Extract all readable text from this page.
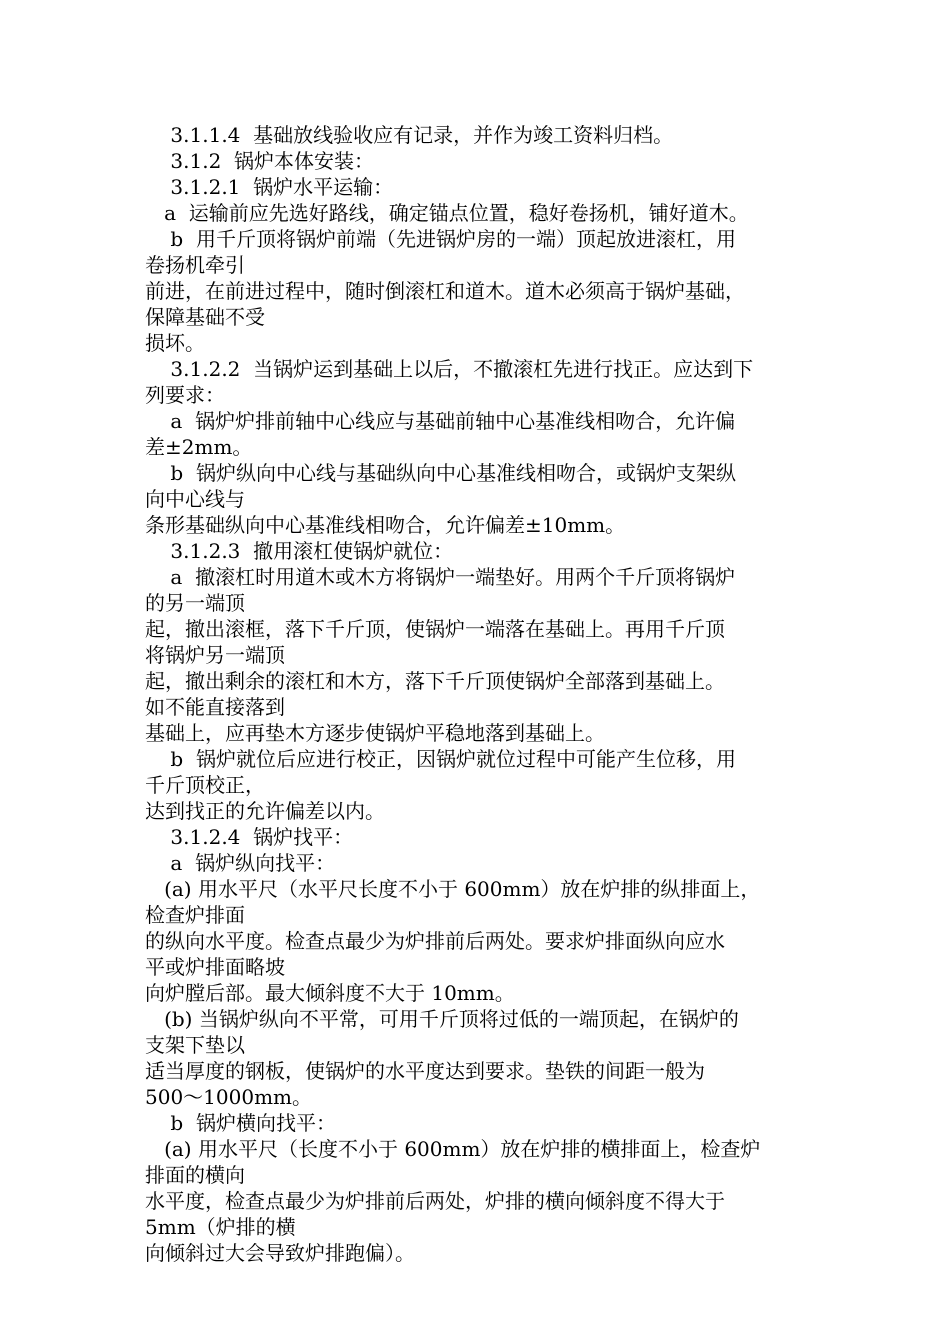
3.1.1.4  基础放线验收应有记录，并作为竣工资料归档。
3.1.2  锅炉本体安装：
3.1.2.1  锅炉水平运输：
a  运输前应先选好路线，确定锚点位置，稳好卷扬机，铺好道木。
b  用千斤顶将锅炉前端（先进锅炉房的一端）顶起放进滚杠，用
卷扬机牵引
前进，在前进过程中，随时倒滚杠和道木。道木必须高于锅炉基础，
保障基础不受
损坏。
3.1.2.2  当锅炉运到基础上以后，不撤滚杠先进行找正。应达到下
列要求：
a  锅炉炉排前轴中心线应与基础前轴中心基准线相吻合，允许偏
差±2mm。
b  锅炉纵向中心线与基础纵向中心基准线相吻合，或锅炉支架纵
向中心线与
条形基础纵向中心基准线相吻合，允许偏差±10mm。
3.1.2.3  撤用滚杠使锅炉就位：
a  撤滚杠时用道木或木方将锅炉一端垫好。用两个千斤顶将锅炉
的另一端顶
起，撤出滚框，落下千斤顶，使锅炉一端落在基础上。再用千斤顶
将锅炉另一端顶
起，撤出剩余的滚杠和木方，落下千斤顶使锅炉全部落到基础上。
如不能直接落到
基础上，应再垫木方逐步使锅炉平稳地落到基础上。
b  锅炉就位后应进行校正，因锅炉就位过程中可能产生位移，用
千斤顶校正，
达到找正的允许偏差以内。
3.1.2.4  锅炉找平：
a  锅炉纵向找平：
(a) 用水平尺（水平尺长度不小于 600mm）放在炉排的纵排面上，
检查炉排面
的纵向水平度。检查点最少为炉排前后两处。要求炉排面纵向应水
平或炉排面略坡
向炉膛后部。最大倾斜度不大于 10mm。
(b) 当锅炉纵向不平常，可用千斤顶将过低的一端顶起，在锅炉的
支架下垫以
适当厚度的钢板，使锅炉的水平度达到要求。垫铁的间距一般为
500～1000mm。
b  锅炉横向找平：
(a) 用水平尺（长度不小于 600mm）放在炉排的横排面上，检查炉
排面的横向
水平度，检查点最少为炉排前后两处，炉排的横向倾斜度不得大于
5mm（炉排的横
向倾斜过大会导致炉排跑偏）。
